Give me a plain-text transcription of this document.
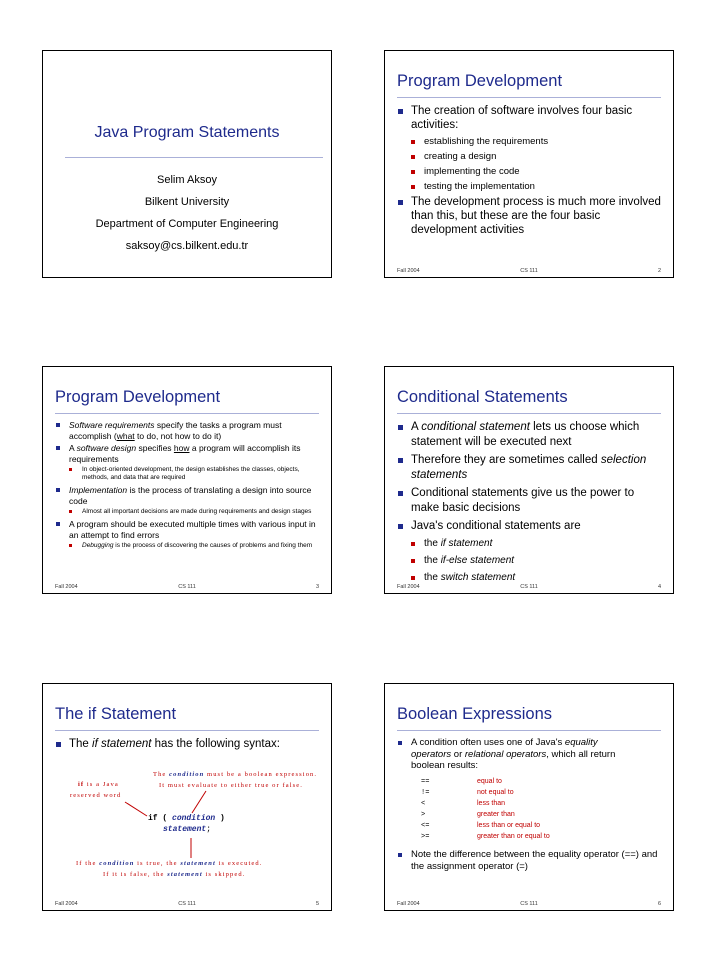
Java Program Statements
Selim Aksoy
Bilkent University
Department of Computer Engineering
saksoy@cs.bilkent.edu.tr
Program Development
The creation of software involves four basic activities:
establishing the requirements
creating a design
implementing the code
testing the implementation
The development process is much more involved than this, but these are the four basic development activities
Fall 2004	CS 111	2
Program Development
Software requirements specify the tasks a program must accomplish (what to do, not how to do it)
A software design specifies how a program will accomplish its requirements
In object-oriented development, the design establishes the classes, objects, methods, and data that are required
Implementation is the process of translating a design into source code
Almost all important decisions are made during requirements and design stages
A program should be executed multiple times with various input in an attempt to find errors
Debugging is the process of discovering the causes of problems and fixing them
Fall 2004	CS 111	3
Conditional Statements
A conditional statement lets us choose which statement will be executed next
Therefore they are sometimes called selection statements
Conditional statements give us the power to make basic decisions
Java's conditional statements are
the if statement
the if-else statement
the switch statement
Fall 2004	CS 111	4
The if Statement
The if statement has the following syntax:
The condition must be a boolean expression.
It must evaluate to either true or false.
if is a Java
reserved word
if ( condition )
statement;
If the condition is true, the statement is executed.
If it is false, the statement is skipped.
Fall 2004	CS 111	5
Boolean Expressions
A condition often uses one of Java's equality operators or relational operators, which all return boolean results:
==	equal to
!=	not equal to
<	less than
>	greater than
<=	less than or equal to
>=	greater than or equal to
Note the difference between the equality operator (==) and the assignment operator (=)
Fall 2004	CS 111	6
